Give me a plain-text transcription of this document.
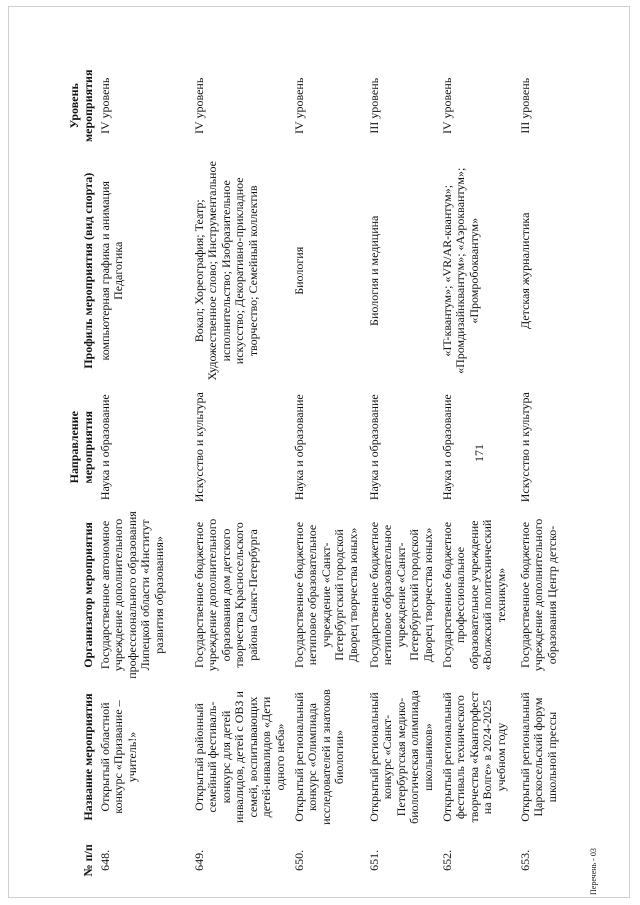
171
№ п/п	Название мероприятия	Организатор мероприятия	Направление мероприятия	Профиль мероприятия (вид спорта)	Уровень мероприятия
648.	Открытый областной конкурс «Призвание – учитель!»	Государственное автономное учреждение дополнительного профессионального образования Липецкой области «Институт развития образования»	Наука и образование	компьютерная графика и анимация Педагогика	IV уровень
649.	Открытый районный семейный фестиваль-конкурс для детей инвалидов, детей с ОВЗ и семей, воспитывающих детей-инвалидов «Дети одного неба»	Государственное бюджетное учреждение дополнительного образования дом детского творчества Красносельского района Санкт-Петербурга	Искусство и культура	Вокал; Хореография; Театр; Художественное слово; Инструментальное исполнительство; Изобразительное искусство; Декоративно-прикладное творчество; Семейный коллектив	IV уровень
650.	Открытый региональный конкурс «Олимпиада исследователей и знатоков биологии»	Государственное бюджетное нетиповое образовательное учреждение «Санкт-Петербургский городской Дворец творчества юных»	Наука и образование	Биология	IV уровень
651.	Открытый региональный конкурс «Санкт-Петербургская медико-биологическая олимпиада школьников»	Государственное бюджетное нетиповое образовательное учреждение «Санкт-Петербургский городской Дворец творчества юных»	Наука и образование	Биология и медицина	III уровень
652.	Открытый региональный фестиваль технического творчества «Кванторфест на Волге» в 2024-2025 учебном году	Государственное бюджетное профессиональное образовательное учреждение «Волжский политехнический техникум»	Наука и образование	«IT-квантум»; «VR/AR-квантум»; «Промдизайнквантум»; «Аэроквантум»; «Промробоквантум»	IV уровень
653.	Открытый региональный Царскосельский форум школьной прессы	Государственное бюджетное учреждение дополнительного образования Центр детско-	Искусство и культура	Детская журналистика	III уровень
Перечень - 03
